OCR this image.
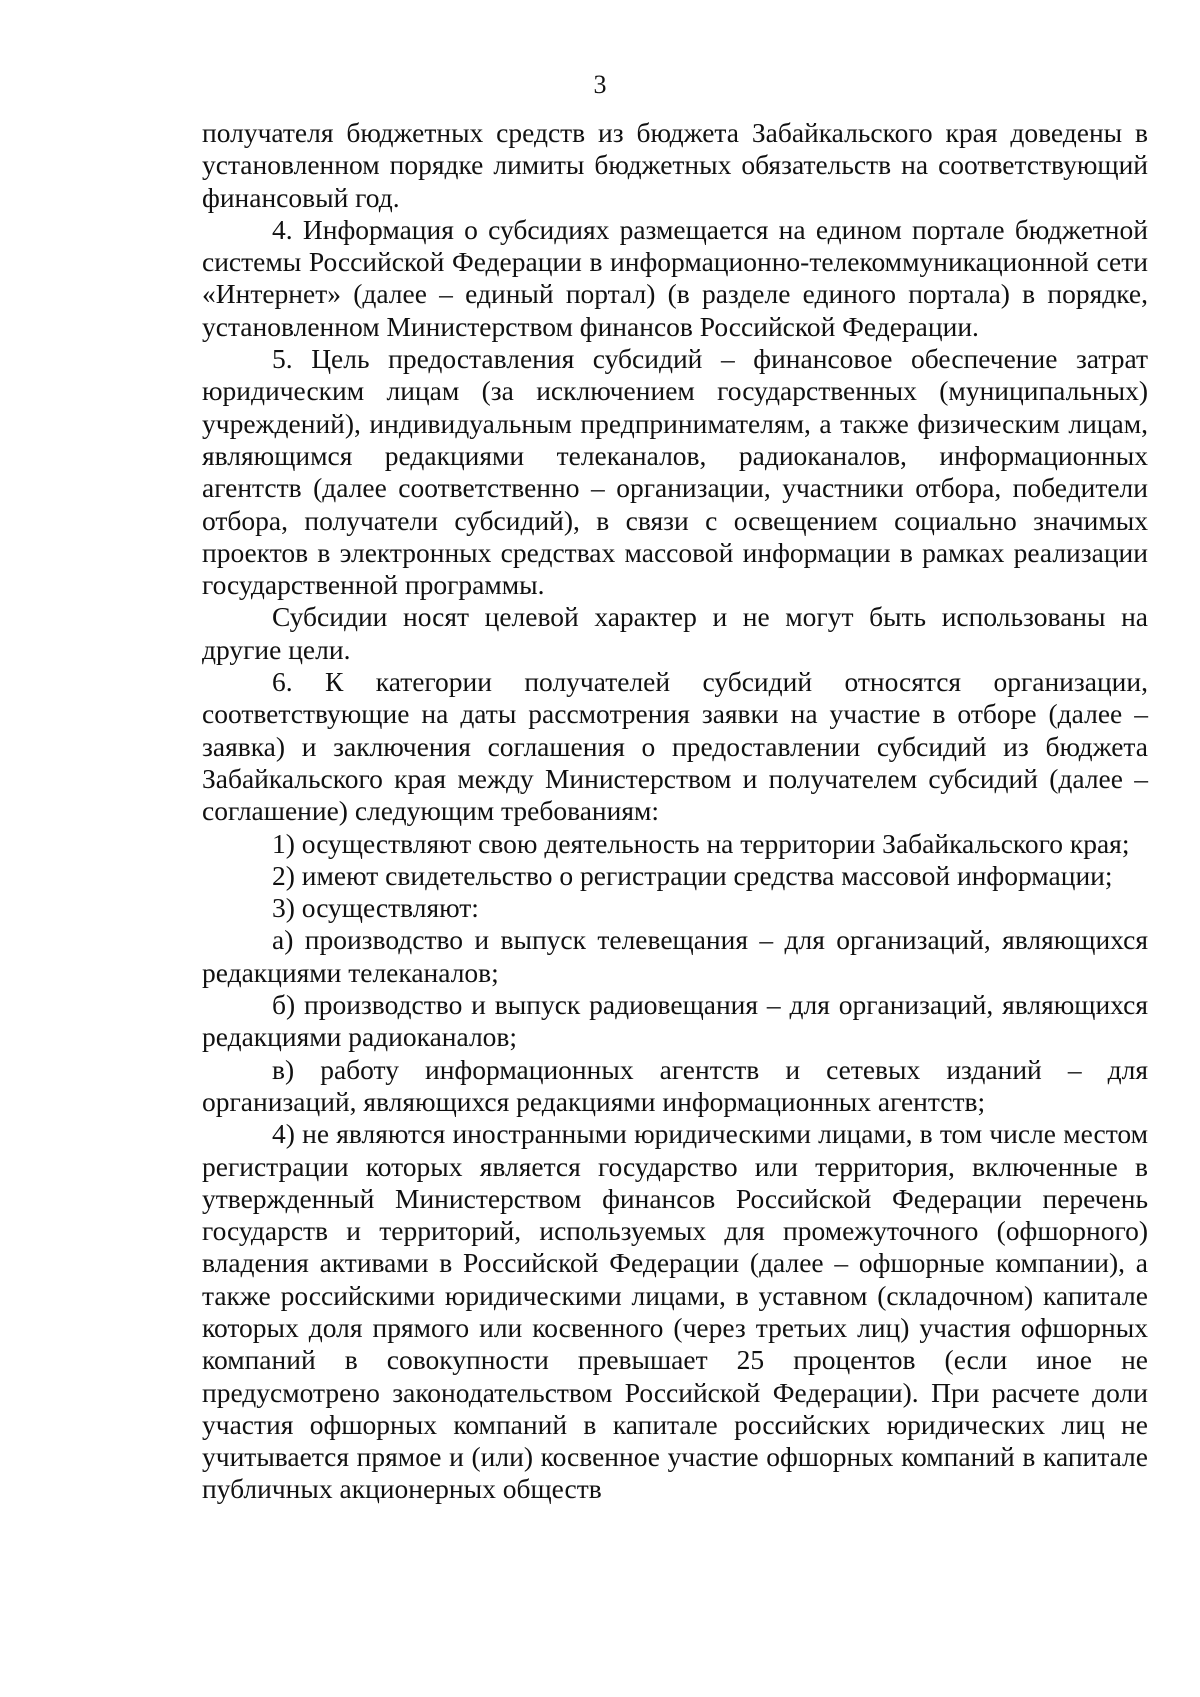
3

получателя бюджетных средств из бюджета Забайкальского края доведены в установленном порядке лимиты бюджетных обязательств на соответствующий финансовый год.

4. Информация о субсидиях размещается на едином портале бюджетной системы Российской Федерации в информационно-телекоммуникационной сети «Интернет» (далее – единый портал) (в разделе единого портала) в порядке, установленном Министерством финансов Российской Федерации.

5. Цель предоставления субсидий – финансовое обеспечение затрат юридическим лицам (за исключением государственных (муниципальных) учреждений), индивидуальным предпринимателям, а также физическим лицам, являющимся редакциями телеканалов, радиоканалов, информационных агентств (далее соответственно – организации, участники отбора, победители отбора, получатели субсидий), в связи с освещением социально значимых проектов в электронных средствах массовой информации в рамках реализации государственной программы.

Субсидии носят целевой характер и не могут быть использованы на другие цели.

6. К категории получателей субсидий относятся организации, соответствующие на даты рассмотрения заявки на участие в отборе (далее – заявка) и заключения соглашения о предоставлении субсидий из бюджета Забайкальского края между Министерством и получателем субсидий (далее – соглашение) следующим требованиям:

1) осуществляют свою деятельность на территории Забайкальского края;

2) имеют свидетельство о регистрации средства массовой информации;

3) осуществляют:

а) производство и выпуск телевещания – для организаций, являющихся редакциями телеканалов;

б) производство и выпуск радиовещания – для организаций, являющихся редакциями радиоканалов;

в) работу информационных агентств и сетевых изданий – для организаций, являющихся редакциями информационных агентств;

4) не являются иностранными юридическими лицами, в том числе местом регистрации которых является государство или территория, включенные в утвержденный Министерством финансов Российской Федерации перечень государств и территорий, используемых для промежуточного (офшорного) владения активами в Российской Федерации (далее – офшорные компании), а также российскими юридическими лицами, в уставном (складочном) капитале которых доля прямого или косвенного (через третьих лиц) участия офшорных компаний в совокупности превышает 25 процентов (если иное не предусмотрено законодательством Российской Федерации). При расчете доли участия офшорных компаний в капитале российских юридических лиц не учитывается прямое и (или) косвенное участие офшорных компаний в капитале публичных акционерных обществ
